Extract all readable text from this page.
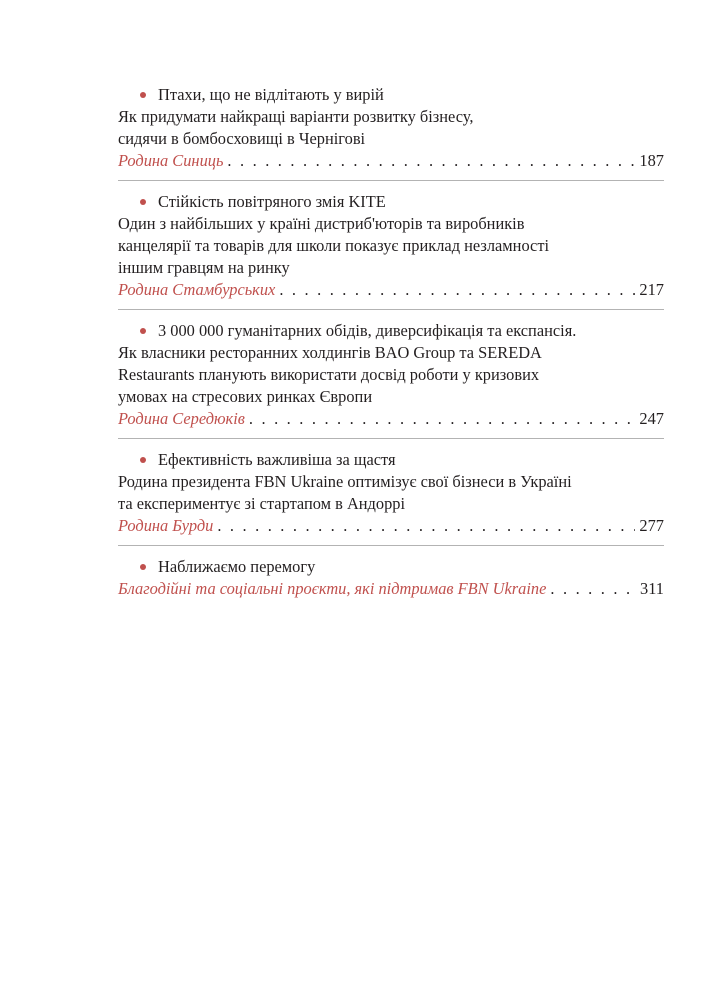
Птахи, що не відлітають у вирій
Як придумати найкращі варіанти розвитку бізнесу,
сидячи в бомбосховищі в Чернігові
Родина Синиць . . .	187
Стійкість повітряного змія KITE
Один з найбільших у країні дистриб'юторів та виробників
канцелярії та товарів для школи показує приклад незламності
іншим гравцям на ринку
Родина Стамбурських . . .	217
3 000 000 гуманітарних обідів, диверсифікація та експансія.
Як власники ресторанних холдингів BAO Group та SEREDA
Restaurants планують використати досвід роботи у кризових
умовах на стресових ринках Європи
Родина Середюків . . .	247
Ефективність важливіша за щастя
Родина президента FBN Ukraine оптимізує свої бізнеси в Україні
та експериментує зі стартапом в Андоррі
Родина Бурди . . .	277
Наближаємо перемогу
Благодійні та соціальні проєкти, які підтримав FBN Ukraine . . .	311
